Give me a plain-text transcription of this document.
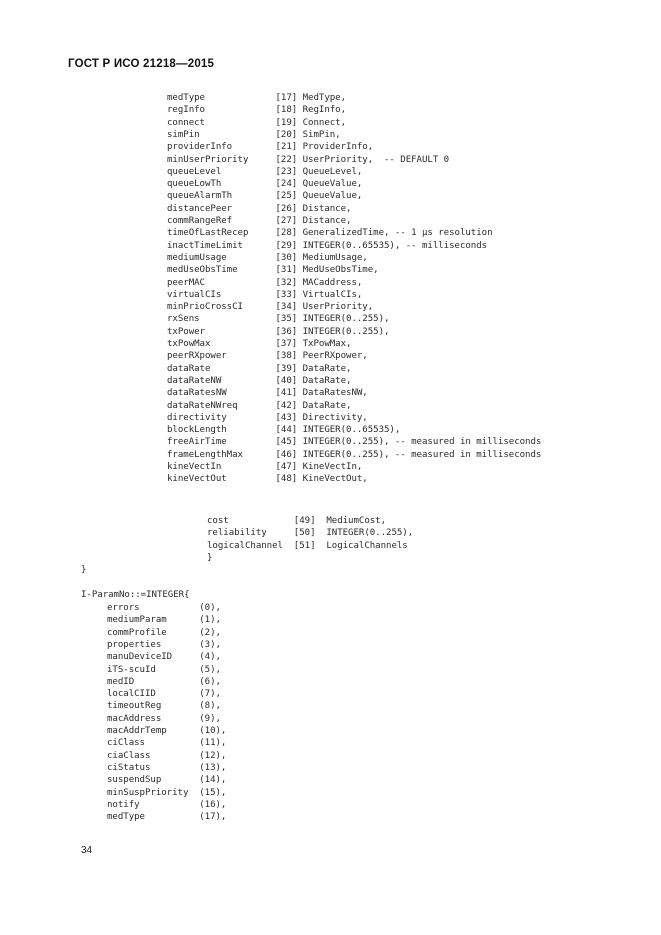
ГОСТ Р ИСО 21218—2015
medType             [17] MedType,
regInfo             [18] RegInfo,
connect             [19] Connect,
simPin              [20] SimPin,
providerInfo        [21] ProviderInfo,
minUserPriority     [22] UserPriority,  -- DEFAULT 0
queueLevel          [23] QueueLevel,
queueLowTh          [24] QueueValue,
queueAlarmTh        [25] QueueValue,
distancePeer        [26] Distance,
commRangeRef        [27] Distance,
timeOfLastRecep     [28] GeneralizedTime, -- 1 µs resolution
inactTimeLimit      [29] INTEGER(0..65535), -- milliseconds
mediumUsage         [30] MediumUsage,
medUseObsTime       [31] MedUseObsTime,
peerMAC             [32] MACaddress,
virtualCIs          [33] VirtualCIs,
minPrioCrossCI      [34] UserPriority,
rxSens              [35] INTEGER(0..255),
txPower             [36] INTEGER(0..255),
txPowMax            [37] TxPowMax,
peerRXpower         [38] PeerRXpower,
dataRate            [39] DataRate,
dataRateNW          [40] DataRate,
dataRatesNW         [41] DataRatesNW,
dataRateNWreq       [42] DataRate,
directivity         [43] Directivity,
blockLength         [44] INTEGER(0..65535),
freeAirTime         [45] INTEGER(0..255), -- measured in milliseconds
frameLengthMax      [46] INTEGER(0..255), -- measured in milliseconds
kineVectIn          [47] KineVectIn,
kineVectOut         [48] KineVectOut,
cost            [49]  MediumCost,
reliability     [50]  INTEGER(0..255),
logicalChannel  [51]  LogicalChannels
}
}
I-ParamNo::=INTEGER{
errors           (0),
mediumParam      (1),
commProfile      (2),
properties       (3),
manuDeviceID     (4),
iTS-scuId        (5),
medID            (6),
localCIID        (7),
timeoutReg       (8),
macAddress       (9),
macAddrTemp      (10),
ciClass          (11),
ciaClass         (12),
ciStatus         (13),
suspendSup       (14),
minSuspPriority  (15),
notify           (16),
medType          (17),
34
